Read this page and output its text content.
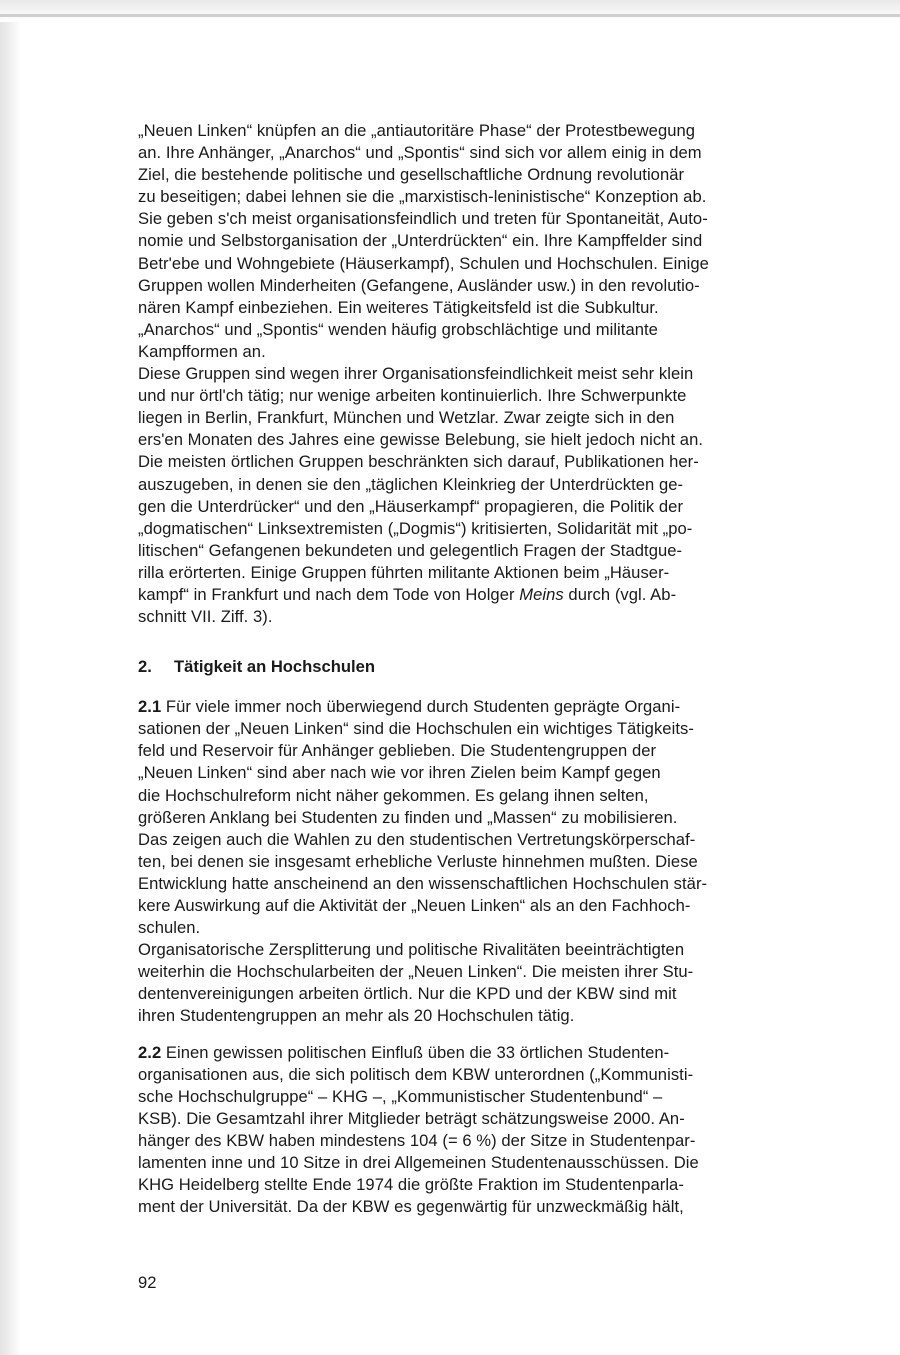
„Neuen Linken“ knüpfen an die „antiautoritäre Phase“ der Protestbewegung
an. Ihre Anhänger, „Anarchos“ und „Spontis“ sind sich vor allem einig in dem
Ziel, die bestehende politische und gesellschaftliche Ordnung revolutionär
zu beseitigen; dabei lehnen sie die „marxistisch-leninistische“ Konzeption ab.
Sie geben s'ch meist organisationsfeindlich und treten für Spontaneität, Auto-
nomie und Selbstorganisation der „Unterdrückten“ ein. Ihre Kampffelder sind
Betr'ebe und Wohngebiete (Häuserkampf), Schulen und Hochschulen. Einige
Gruppen wollen Minderheiten (Gefangene, Ausländer usw.) in den revolutio-
nären Kampf einbeziehen. Ein weiteres Tätigkeitsfeld ist die Subkultur.
„Anarchos“ und „Spontis“ wenden häufig grobschlächtige und militante
Kampfformen an.
Diese Gruppen sind wegen ihrer Organisationsfeindlichkeit meist sehr klein
und nur örtl'ch tätig; nur wenige arbeiten kontinuierlich. Ihre Schwerpunkte
liegen in Berlin, Frankfurt, München und Wetzlar. Zwar zeigte sich in den
ers'en Monaten des Jahres eine gewisse Belebung, sie hielt jedoch nicht an.
Die meisten örtlichen Gruppen beschränkten sich darauf, Publikationen her-
auszugeben, in denen sie den „täglichen Kleinkrieg der Unterdrückten ge-
gen die Unterdrücker“ und den „Häuserkampf“ propagieren, die Politik der
„dogmatischen“ Linksextremisten („Dogmis“) kritisierten, Solidarität mit „po-
litischen“ Gefangenen bekundeten und gelegentlich Fragen der Stadtgue-
rilla erörterten. Einige Gruppen führten militante Aktionen beim „Häuser-
kampf“ in Frankfurt und nach dem Tode von Holger Meins durch (vgl. Ab-
schnitt VII. Ziff. 3).

2. Tätigkeit an Hochschulen

2.1 Für viele immer noch überwiegend durch Studenten geprägte Organi-
sationen der „Neuen Linken“ sind die Hochschulen ein wichtiges Tätigkeits-
feld und Reservoir für Anhänger geblieben. Die Studentengruppen der
„Neuen Linken“ sind aber nach wie vor ihren Zielen beim Kampf gegen
die Hochschulreform nicht näher gekommen. Es gelang ihnen selten,
größeren Anklang bei Studenten zu finden und „Massen“ zu mobilisieren.
Das zeigen auch die Wahlen zu den studentischen Vertretungskörperschaf-
ten, bei denen sie insgesamt erhebliche Verluste hinnehmen mußten. Diese
Entwicklung hatte anscheinend an den wissenschaftlichen Hochschulen stär-
kere Auswirkung auf die Aktivität der „Neuen Linken“ als an den Fachhoch-
schulen.
Organisatorische Zersplitterung und politische Rivalitäten beeinträchtigten
weiterhin die Hochschularbeiten der „Neuen Linken“. Die meisten ihrer Stu-
dentenvereinigungen arbeiten örtlich. Nur die KPD und der KBW sind mit
ihren Studentengruppen an mehr als 20 Hochschulen tätig.

2.2 Einen gewissen politischen Einfluß üben die 33 örtlichen Studenten-
organisationen aus, die sich politisch dem KBW unterordnen („Kommunisti-
sche Hochschulgruppe“ – KHG –, „Kommunistischer Studentenbund“ –
KSB). Die Gesamtzahl ihrer Mitglieder beträgt schätzungsweise 2000. An-
hänger des KBW haben mindestens 104 (= 6 %) der Sitze in Studentenpar-
lamenten inne und 10 Sitze in drei Allgemeinen Studentenausschüssen. Die
KHG Heidelberg stellte Ende 1974 die größte Fraktion im Studentenparla-
ment der Universität. Da der KBW es gegenwärtig für unzweckmäßig hält,

92
